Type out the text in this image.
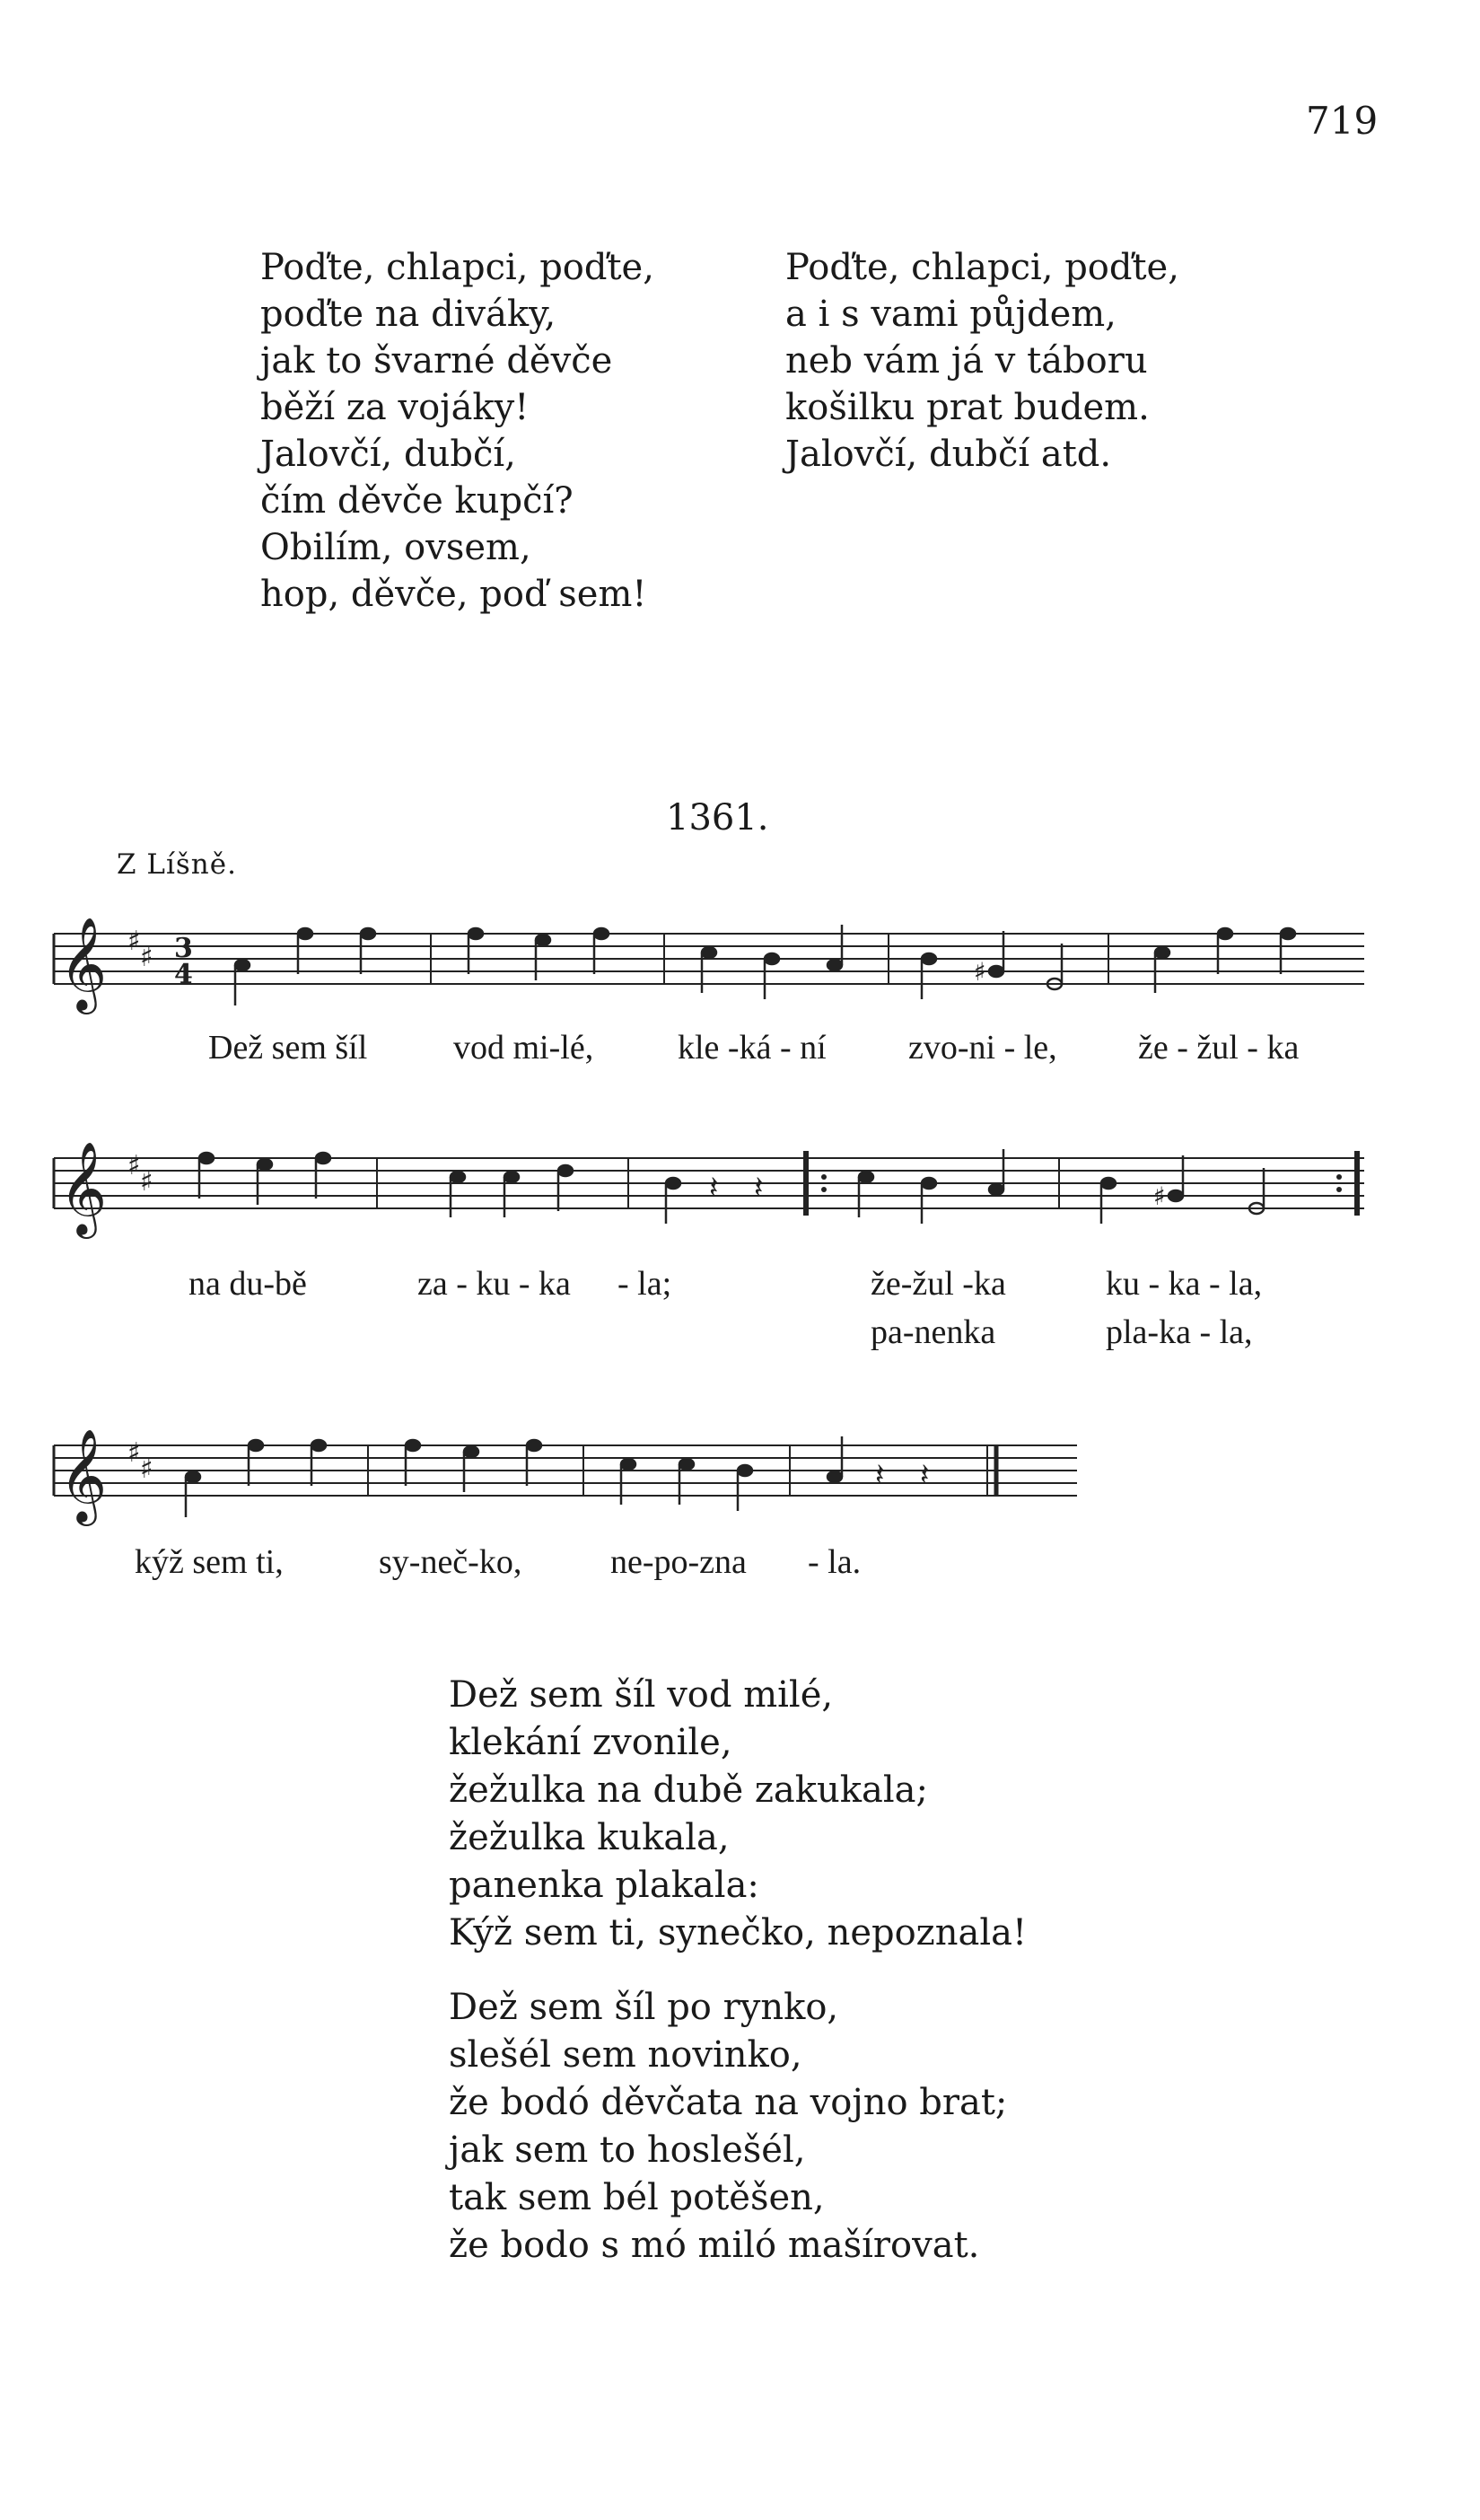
719
Poďte, chlapci, poďte,
poďte na diváky,
jak to švarné děvče
běží za vojáky!
Jalovčí, dubčí,
čím děvče kupčí?
Obilím, ovsem,
hop, děvče, poď sem!
Poďte, chlapci, poďte,
a i s vami půjdem,
neb vám já v táboru
košilku prat budem.
Jalovčí, dubčí atd.
1361.
Z Líšně.
𝄞 ♯
♯ 3
4	♯
Dež sem šíl	vod mi-lé, kle -ká - ní zvo-ni - le, že - žul - ka
𝄞 ♯
♯	𝄽 𝄽	♯
na du-bě	za - ku - ka - la;	že-žul -ka	ku - ka - la,
pa-nenka	pla-ka - la,
𝄞 ♯
♯	𝄽 𝄽
kýž sem ti,	sy-neč-ko,	ne-po-zna - la.
Dež sem šíl vod milé,
klekání zvonile,
žežulka na dubě zakukala;
žežulka kukala,
panenka plakala:
Kýž sem ti, synečko, nepoznala!
Dež sem šíl po rynko,
slešél sem novinko,
že bodó děvčata na vojno brat;
jak sem to hoslešél,
tak sem bél potěšen,
že bodo s mó miló mašírovat.
